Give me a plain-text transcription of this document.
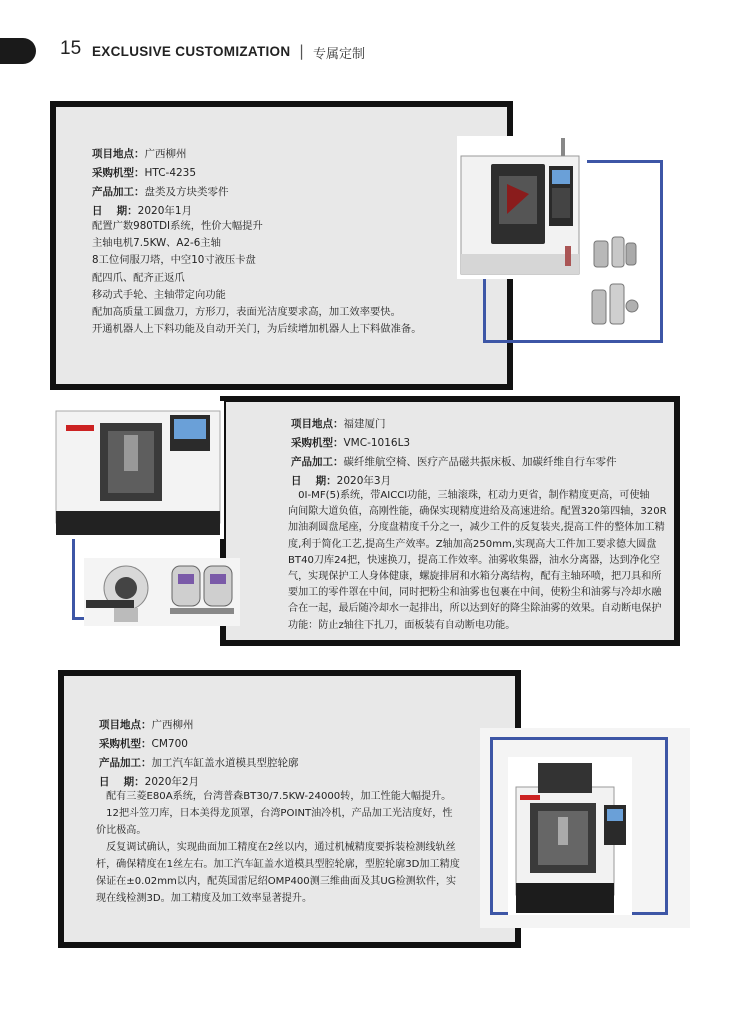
15 EXCLUSIVE CUSTOMIZATION | 专属定制
项目地点：广西柳州
采购机型：HTC-4235
产品加工：盘类及方块类零件
日　 期：2020年1月

配置广数980TDI系统，性价大幅提升

主轴电机7.5KW、A2-6主轴

8工位伺服刀塔，中空10寸液压卡盘

配四爪、配齐正返爪

移动式手轮、主轴带定向功能

配加高质量工圆盘刀，方形刀，表面光洁度要求高，加工效率要快。

开通机器人上下料功能及自动开关门，为后续增加机器人上下料做准备。

项目地点：福建厦门
采购机型：VMC-1016L3
产品加工：碳纤维航空椅、医疗产品磁共振床板、加碳纤维自行车零件
日　 期：2020年3月

　0I-MF(5)系统，带AICCI功能，三轴滚珠，杠动力更省，制作精度更高，可使轴

向间隙大道负值，高刚性能，确保实现精度进给及高速进给。配置320第四轴，320R

加油刹圆盘尾座，分度盘精度千分之一，减少工件的反复装夹,提高工件的整体加工精

度,利于简化工艺,提高生产效率。Z轴加高250mm,实现高大工件加工要求德大圆盘

BT40刀库24把，快速换刀，提高工作效率。油雾收集器，油水分离器，达到净化空

气，实现保护工人身体健康，螺旋排屑和水箱分离结构，配有主轴环喷，把刀具和所

要加工的零件罩在中间，同时把粉尘和油雾也包裹在中间，使粉尘和油雾与冷却水融

合在一起，最后随冷却水一起排出，所以达到好的降尘除油雾的效果。自动断电保护

功能：防止z轴往下扎刀，面板装有自动断电功能。

项目地点：广西柳州
采购机型：CM700
产品加工：加工汽车缸盖水道模具型腔轮廓
日　 期：2020年2月

　配有三菱E80A系统，台湾普森BT30/7.5KW-24000转，加工性能大幅提升。

　12把斗笠刀库，日本美得龙顶罩，台湾POINT油冷机，产品加工光洁度好，性

价比极高。

　反复调试确认，实现曲面加工精度在2丝以内，通过机械精度要拆装检测线轨丝

杆，确保精度在1丝左右。加工汽车缸盖水道模具型腔轮廓，型腔轮廓3D加工精度

保证在±0.02mm以内，配英国雷尼绍OMP400测三维曲面及其UG检测软件，实

现在线检测3D。加工精度及加工效率显著提升。
